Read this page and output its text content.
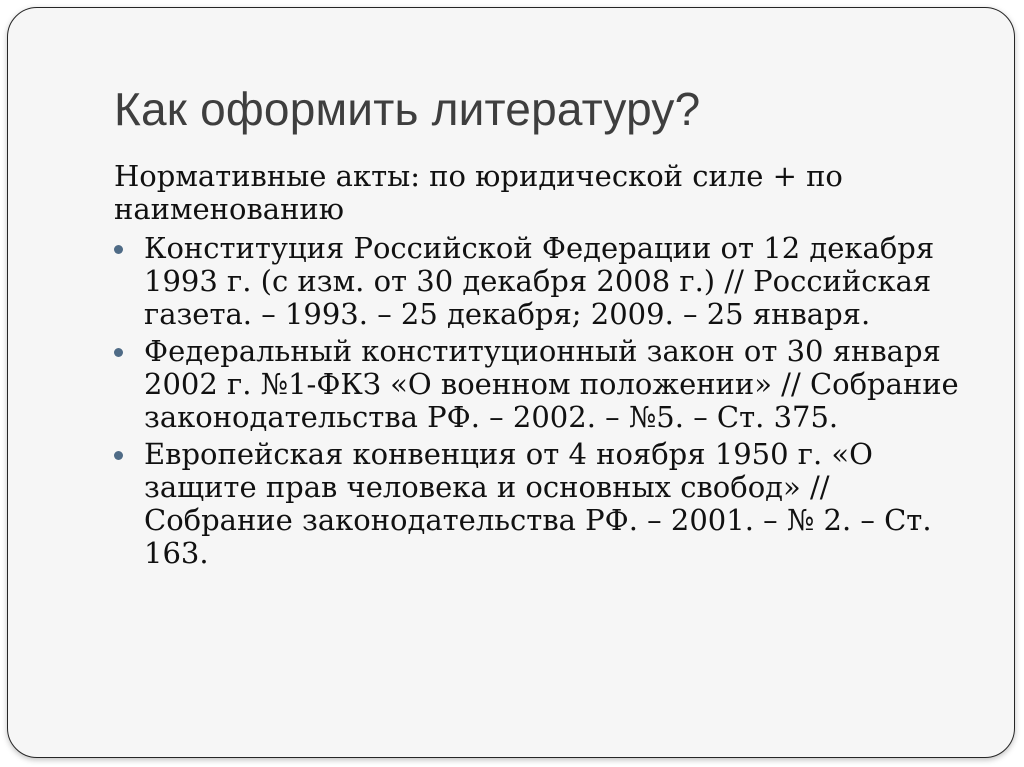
Как оформить литературу?

Нормативные акты: по юридической силе + по наименованию

Конституция Российской Федерации от 12 декабря 1993 г. (с изм. от 30 декабря 2008 г.) // Российская газета. – 1993. – 25 декабря; 2009. – 25 января.
Федеральный конституционный закон от 30 января 2002 г. №1-ФКЗ «О военном положении» // Собрание законодательства РФ. – 2002. – №5. – Ст. 375.
Европейская конвенция от 4 ноября 1950 г. «О защите прав человека и основных свобод» // Собрание законодательства РФ. – 2001. – № 2. – Ст. 163.
